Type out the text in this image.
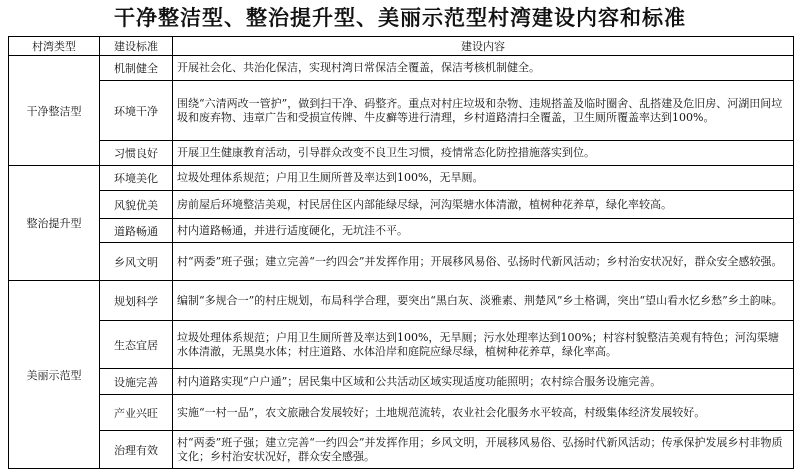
干净整洁型、整治提升型、美丽示范型村湾建设内容和标准
村湾类型	建设标准	建设内容
干净整洁型	机制健全	开展社会化、共治化保洁，实现村湾日常保洁全覆盖，保洁考核机制健全。
	环境干净	围绕“六清两改一管护”，做到扫干净、码整齐。重点对村庄垃圾和杂物、违规搭盖及临时圈舍、乱搭建及危旧房、河湖田间垃圾和废弃物、违章广告和受损宣传牌、牛皮癣等进行清理，乡村道路清扫全覆盖，卫生厕所覆盖率达到100%。
	习惯良好	开展卫生健康教育活动，引导群众改变不良卫生习惯，疫情常态化防控措施落实到位。
整治提升型	环境美化	垃圾处理体系规范；户用卫生厕所普及率达到100%，无旱厕。
	风貌优美	房前屋后环境整洁美观，村民居住区内部能绿尽绿，河沟渠塘水体清澈，植树种花养草，绿化率较高。
	道路畅通	村内道路畅通，并进行适度硬化，无坑洼不平。
	乡风文明	村“两委”班子强；建立完善“一约四会”并发挥作用；开展移风易俗、弘扬时代新风活动；乡村治安状况好，群众安全感较强。
美丽示范型	规划科学	编制“多规合一”的村庄规划，布局科学合理，要突出“黑白灰、淡雅素、荆楚风”乡土格调，突出“望山看水忆乡愁”乡土韵味。
	生态宜居	垃圾处理体系规范；户用卫生厕所普及率达到100%，无旱厕；污水处理率达到100%；村容村貌整洁美观有特色；河沟渠塘水体清澈，无黑臭水体；村庄道路、水体沿岸和庭院应绿尽绿，植树种花养草，绿化率高。
	设施完善	村内道路实现“户户通”；居民集中区域和公共活动区域实现适度功能照明；农村综合服务设施完善。
	产业兴旺	实施“一村一品”，农文旅融合发展较好；土地规范流转，农业社会化服务水平较高，村级集体经济发展较好。
	治理有效	村“两委”班子强；建立完善“一约四会”并发挥作用；乡风文明，开展移风易俗、弘扬时代新风活动；传承保护发展乡村非物质文化；乡村治安状况好，群众安全感强。
